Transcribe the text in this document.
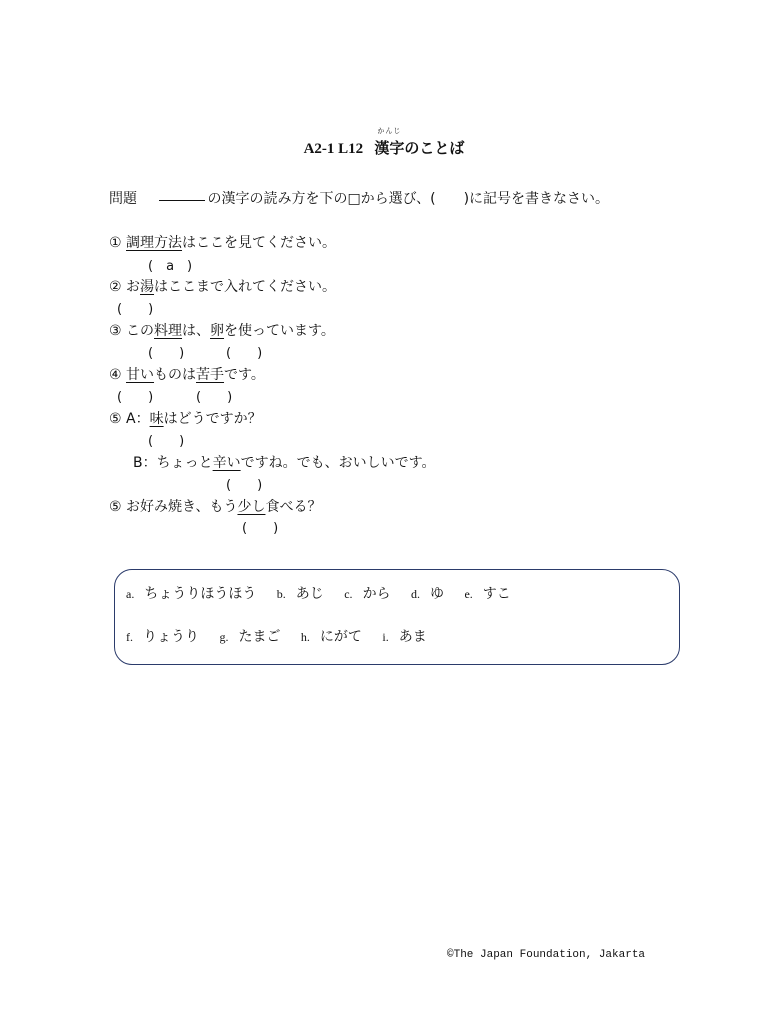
A2-1 L12
かんじ
漢字のことば
問題	の漢字の読み方を下の□から選び、(　　)に記号を書きなさい。
① 調理方法はここを見てください。
(　a　)
② お湯はここまで入れてください。
(　　)
③ この料理は、卵を使っています。
(　　)	(　　)
④ 甘いものは苦手です。
(　　)	(　　)
⑤ A：味はどうですか？
(　　)
B：ちょっと辛いですね。でも、おいしいです。
(　　)
⑤ お好み焼き、もう少し食べる？
(　　)
a. ちょうりほうほう b. あじ c. から d. ゆ e. すこ
f. りょうり g. たまご h. にがて i. あま
©The Japan Foundation, Jakarta
